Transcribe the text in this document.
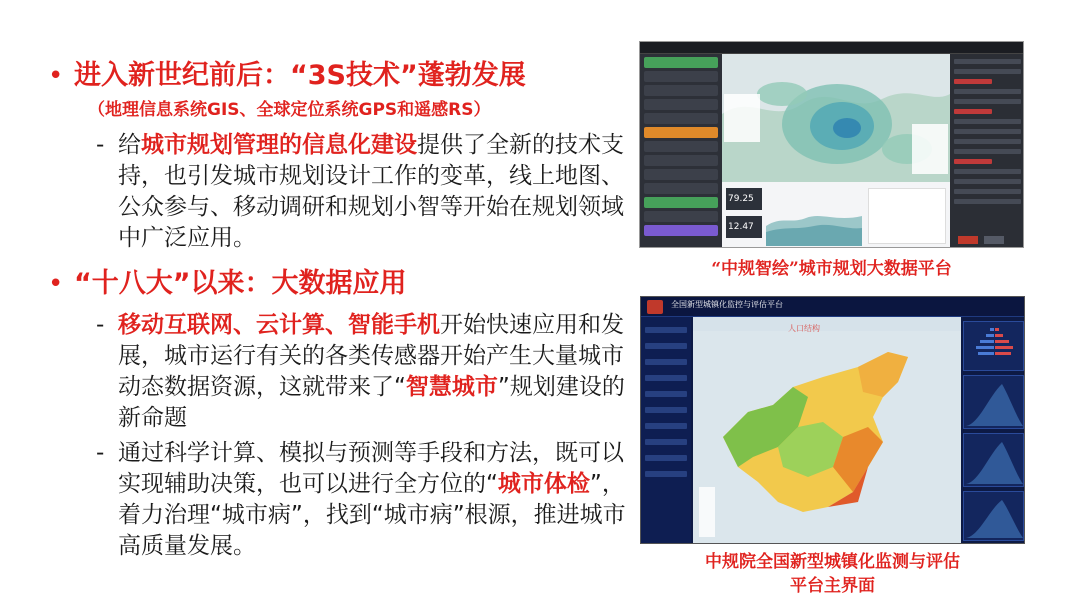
• 进入新世纪前后：“3S技术”蓬勃发展
（地理信息系统GIS、全球定位系统GPS和遥感RS）
- 给城市规划管理的信息化建设提供了全新的技术支持，也引发城市规划设计工作的变革，线上地图、公众参与、移动调研和规划小智等开始在规划领域中广泛应用。
• “十八大”以来：大数据应用
- 移动互联网、云计算、智能手机开始快速应用和发展，城市运行有关的各类传感器开始产生大量城市动态数据资源，这就带来了“智慧城市”规划建设的新命题
- 通过科学计算、模拟与预测等手段和方法，既可以实现辅助决策，也可以进行全方位的“城市体检”，着力治理“城市病”，找到“城市病”根源，推进城市高质量发展。
79.25
12.47
全国新型城镇化监控与评估平台
人口结构
“中规智绘”城市规划大数据平台
中规院全国新型城镇化监测与评估
平台主界面
